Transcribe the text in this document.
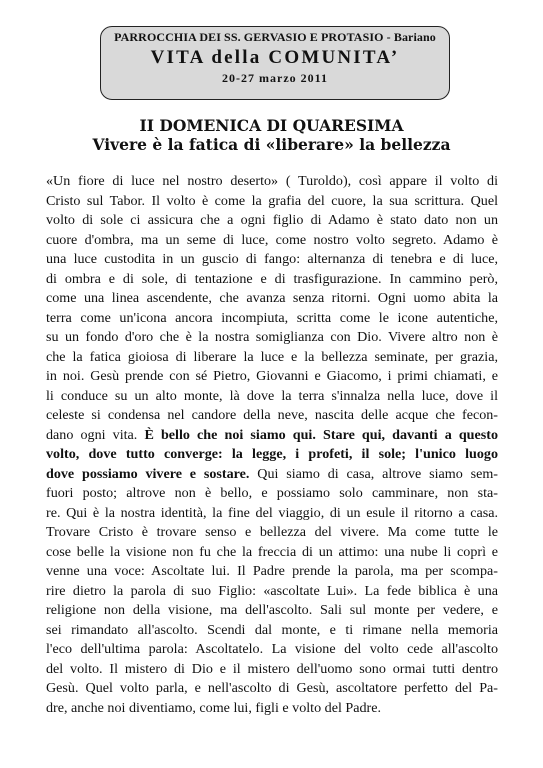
PARROCCHIA DEI SS. GERVASIO E PROTASIO - Bariano
VITA della COMUNITA’
20-27 marzo 2011
II DOMENICA DI QUARESIMA
Vivere è la fatica di «liberare» la bellezza
«Un fiore di luce nel nostro deserto» ( Turoldo), così appare il volto di
Cristo sul Tabor. Il volto è come la grafia del cuore, la sua scrittura. Quel
volto di sole ci assicura che a ogni figlio di Adamo è stato dato non un
cuore d'ombra, ma un seme di luce, come nostro volto segreto. Adamo è
una luce custodita in un guscio di fango: alternanza di tenebra e di luce,
di ombra e di sole, di tentazione e di trasfigurazione. In cammino però,
come una linea ascendente, che avanza senza ritorni. Ogni uomo abita la
terra come un'icona ancora incompiuta, scritta come le icone autentiche,
su un fondo d'oro che è la nostra somiglianza con Dio. Vivere altro non è
che la fatica gioiosa di liberare la luce e la bellezza seminate, per grazia,
in noi. Gesù prende con sé Pietro, Giovanni e Giacomo, i primi chiamati, e
li conduce su un alto monte, là dove la terra s'innalza nella luce, dove il
celeste si condensa nel candore della neve, nascita delle acque che fecon-
dano ogni vita. È bello che noi siamo qui. Stare qui, davanti a questo
volto, dove tutto converge: la legge, i profeti, il sole; l'unico luogo
dove possiamo vivere e sostare. Qui siamo di casa, altrove siamo sem-
fuori posto; altrove non è bello, e possiamo solo camminare, non sta-
re. Qui è la nostra identità, la fine del viaggio, di un esule il ritorno a casa.
Trovare Cristo è trovare senso e bellezza del vivere. Ma come tutte le
cose belle la visione non fu che la freccia di un attimo: una nube li coprì e
venne una voce: Ascoltate lui. Il Padre prende la parola, ma per scompa-
rire dietro la parola di suo Figlio: «ascoltate Lui». La fede biblica è una
religione non della visione, ma dell'ascolto. Sali sul monte per vedere, e
sei rimandato all'ascolto. Scendi dal monte, e ti rimane nella memoria
l'eco dell'ultima parola: Ascoltatelo. La visione del volto cede all'ascolto
del volto. Il mistero di Dio e il mistero dell'uomo sono ormai tutti dentro
Gesù. Quel volto parla, e nell'ascolto di Gesù, ascoltatore perfetto del Pa-
dre, anche noi diventiamo, come lui, figli e volto del Padre.
